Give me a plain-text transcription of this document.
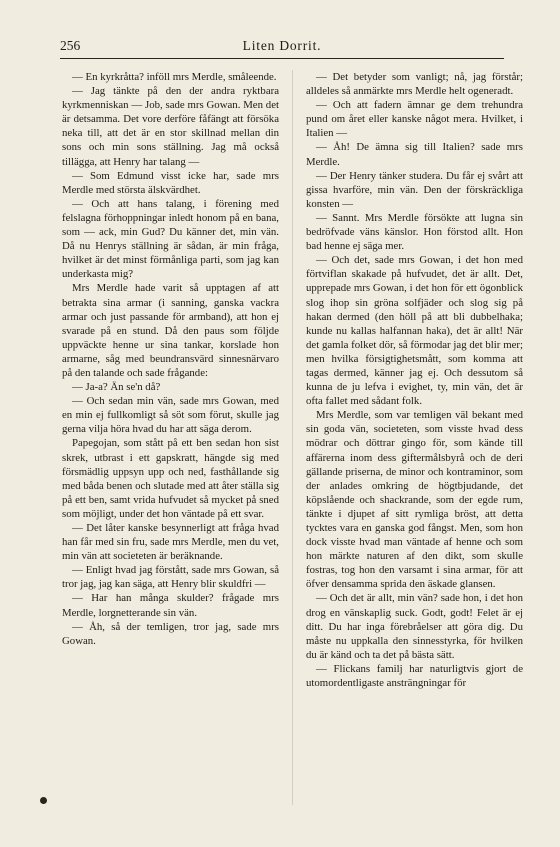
256	Liten Dorrit.

— En kyrkråtta? inföll mrs Merdle, småleende.

— Jag tänkte på den der andra ryktbara kyrkmenniskan — Job, sade mrs Gowan. Men det är detsamma. Det vore derföre fåfängt att försöka neka till, att det är en stor skillnad mellan din sons och min sons ställning. Jag må också tillägga, att Henry har talang —

— Som Edmund visst icke har, sade mrs Merdle med största älskvärdhet.

— Och att hans talang, i förening med felslagna förhoppningar inledt honom på en bana, som — ack, min Gud? Du känner det, min vän. Då nu Henrys ställning är sådan, är min fråga, hvilket är det minst förmånliga parti, som jag kan underkasta mig?

Mrs Merdle hade varit så upptagen af att betrakta sina armar (i sanning, ganska vackra armar och just passande för armband), att hon ej svarade på en stund. Då den paus som följde uppväckte henne ur sina tankar, korslade hon armarne, såg med beundransvärd sinnesnärvaro på den talande och sade frågande:

— Ja-a? Än se'n då?

— Och sedan min vän, sade mrs Gowan, med en min ej fullkomligt så söt som förut, skulle jag gerna vilja höra hvad du har att säga derom.

Papegojan, som stått på ett ben sedan hon sist skrek, utbrast i ett gapskratt, hängde sig med försmädlig uppsyn upp och ned, fasthållande sig med båda benen och slutade med att åter ställa sig på ett ben, samt vrida hufvudet så mycket på sned som möjligt, under det hon väntade på ett svar.

— Det låter kanske besynnerligt att fråga hvad han får med sin fru, sade mrs Merdle, men du vet, min vän att societeten är beräknande.

— Enligt hvad jag förstått, sade mrs Gowan, så tror jag, jag kan säga, att Henry blir skuldfri —

— Har han många skulder? frågade mrs Merdle, lorgnetterande sin vän.

— Åh, så der temligen, tror jag, sade mrs Gowan.

— Det betyder som vanligt; nå, jag förstår; alldeles så anmärkte mrs Merdle helt ogeneradt.

— Och att fadern ämnar ge dem trehundra pund om året eller kanske något mera. Hvilket, i Italien —

— Åh! De ämna sig till Italien? sade mrs Merdle.

— Der Henry tänker studera. Du får ej svårt att gissa hvarföre, min vän. Den der förskräckliga konsten —

— Sannt. Mrs Merdle försökte att lugna sin bedröfvade väns känslor. Hon förstod allt. Hon bad henne ej säga mer.

— Och det, sade mrs Gowan, i det hon med förtviflan skakade på hufvudet, det är allt. Det, upprepade mrs Gowan, i det hon för ett ögonblick slog ihop sin gröna solfjäder och slog sig på hakan dermed (den höll på att bli dubbelhaka; kunde nu kallas halfannan haka), det är allt! När det gamla folket dör, så förmodar jag det blir mer; men hvilka försigtighetsmått, som komma att tagas dermed, känner jag ej. Och dessutom så kunna de ju lefva i evighet, ty, min vän, det är ofta fallet med sådant folk.

Mrs Merdle, som var temligen väl bekant med sin goda vän, societeten, som visste hvad dess mödrar och döttrar gingo för, som kände till affärerna inom dess giftermålsbyrå och de deri gällande priserna, de minor och kontraminor, som der anlades omkring de högtbjudande, det köpslående och shackrande, som der egde rum, tänkte i djupet af sitt rymliga bröst, att detta tycktes vara en ganska god fångst. Men, som hon dock visste hvad man väntade af henne och som hon märkte naturen af den dikt, som skulle fostras, tog hon den varsamt i sina armar, för att öfver densamma sprida den äskade glansen.

— Och det är allt, min vän? sade hon, i det hon drog en vänskaplig suck. Godt, godt! Felet är ej ditt. Du har inga förebråelser att göra dig. Du måste nu uppkalla den sinnesstyrka, för hvilken du är känd och ta det på bästa sätt.

— Flickans familj har naturligtvis gjort de utomordentligaste ansträngningar för
